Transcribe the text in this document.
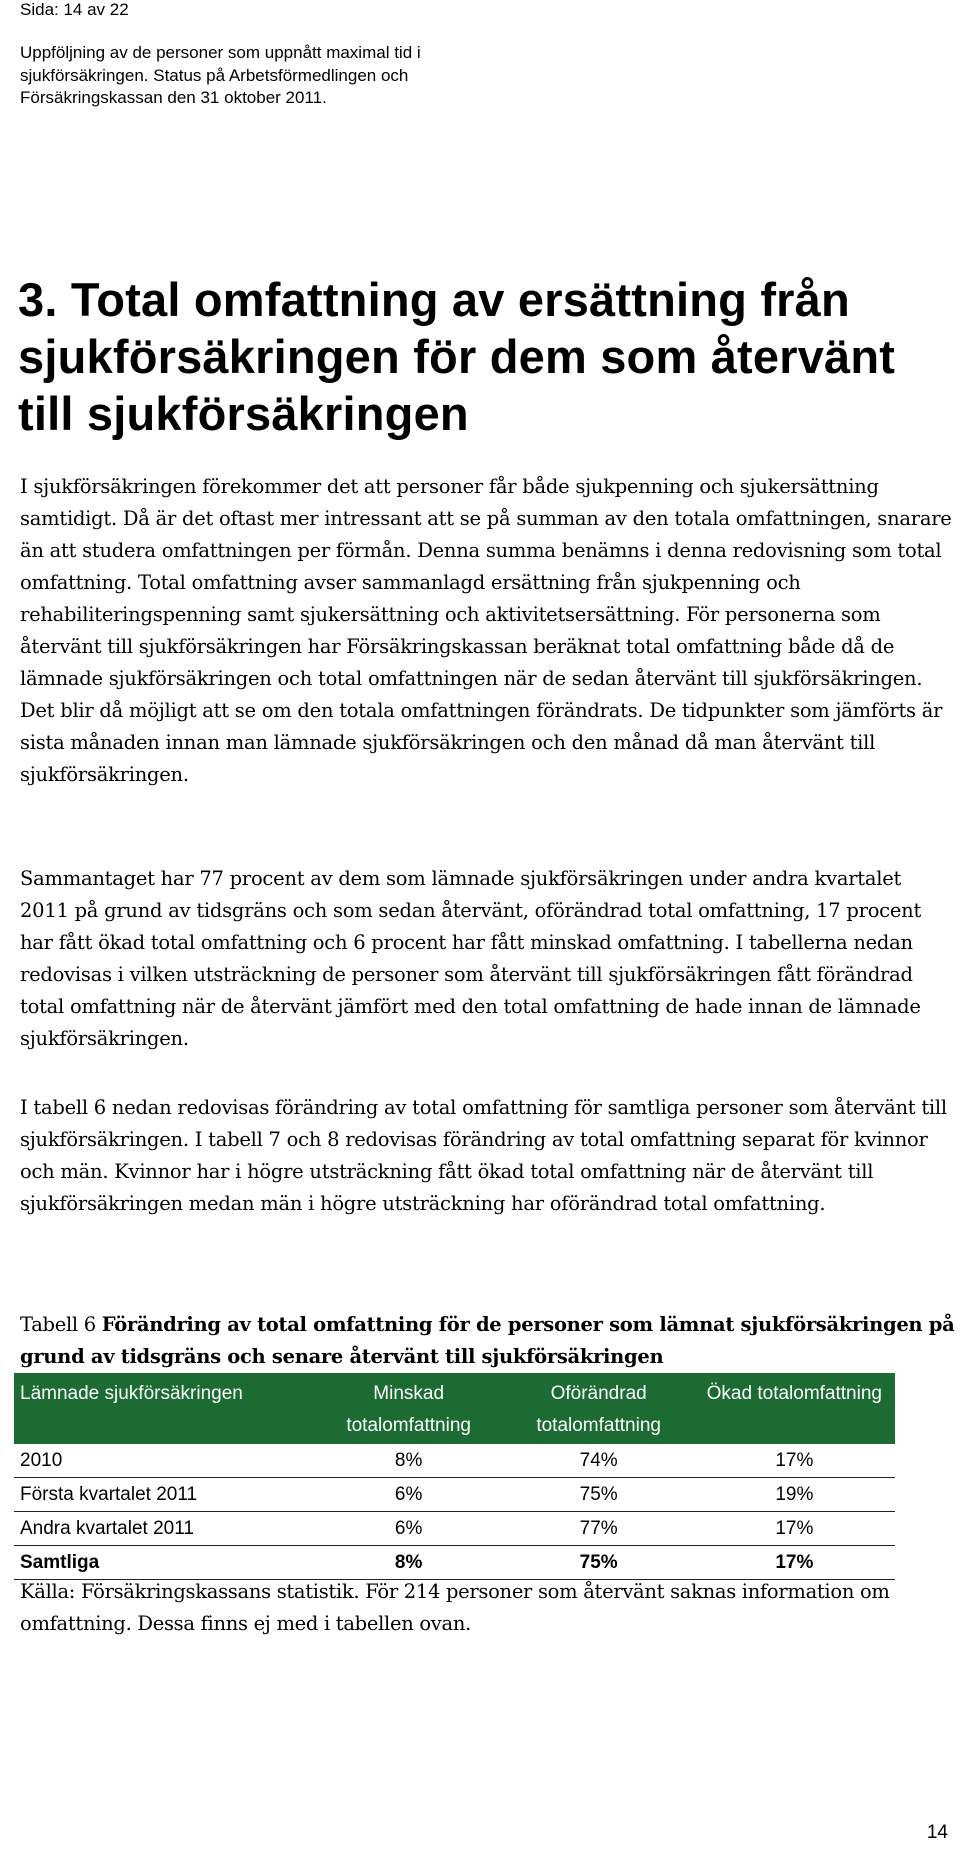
Sida: 14 av 22
Uppföljning av de personer som uppnått maximal tid i sjukförsäkringen. Status på Arbetsförmedlingen och Försäkringskassan den 31 oktober 2011.
3. Total omfattning av ersättning från sjukförsäkringen för dem som återvänt till sjukförsäkringen

I sjukförsäkringen förekommer det att personer får både sjukpenning och sjukersättning samtidigt. Då är det oftast mer intressant att se på summan av den totala omfattningen, snarare än att studera omfattningen per förmån. Denna summa benämns i denna redovisning som total omfattning. Total omfattning avser sammanlagd ersättning från sjukpenning och rehabiliteringspenning samt sjukersättning och aktivitetsersättning. För personerna som återvänt till sjukförsäkringen har Försäkringskassan beräknat total omfattning både då de lämnade sjukförsäkringen och total omfattningen när de sedan återvänt till sjukförsäkringen. Det blir då möjligt att se om den totala omfattningen förändrats. De tidpunkter som jämförts är sista månaden innan man lämnade sjukförsäkringen och den månad då man återvänt till sjukförsäkringen.

Sammantaget har 77 procent av dem som lämnade sjukförsäkringen under andra kvartalet 2011 på grund av tidsgräns och som sedan återvänt, oförändrad total omfattning, 17 procent har fått ökad total omfattning och 6 procent har fått minskad omfattning. I tabellerna nedan redovisas i vilken utsträckning de personer som återvänt till sjukförsäkringen fått förändrad total omfattning när de återvänt jämfört med den total omfattning de hade innan de lämnade sjukförsäkringen.

I tabell 6 nedan redovisas förändring av total omfattning för samtliga personer som återvänt till sjukförsäkringen. I tabell 7 och 8 redovisas förändring av total omfattning separat för kvinnor och män. Kvinnor har i högre utsträckning fått ökad total omfattning när de återvänt till sjukförsäkringen medan män i högre utsträckning har oförändrad total omfattning.

Tabell 6 Förändring av total omfattning för de personer som lämnat sjukförsäkringen på grund av tidsgräns och senare återvänt till sjukförsäkringen
Lämnade sjukförsäkringen	Minskad totalomfattning	Oförändrad totalomfattning	Ökad totalomfattning
2010	8%	74%	17%
Första kvartalet 2011	6%	75%	19%
Andra kvartalet 2011	6%	77%	17%
Samtliga	8%	75%	17%
Källa: Försäkringskassans statistik. För 214 personer som återvänt saknas information om omfattning. Dessa finns ej med i tabellen ovan.
14
